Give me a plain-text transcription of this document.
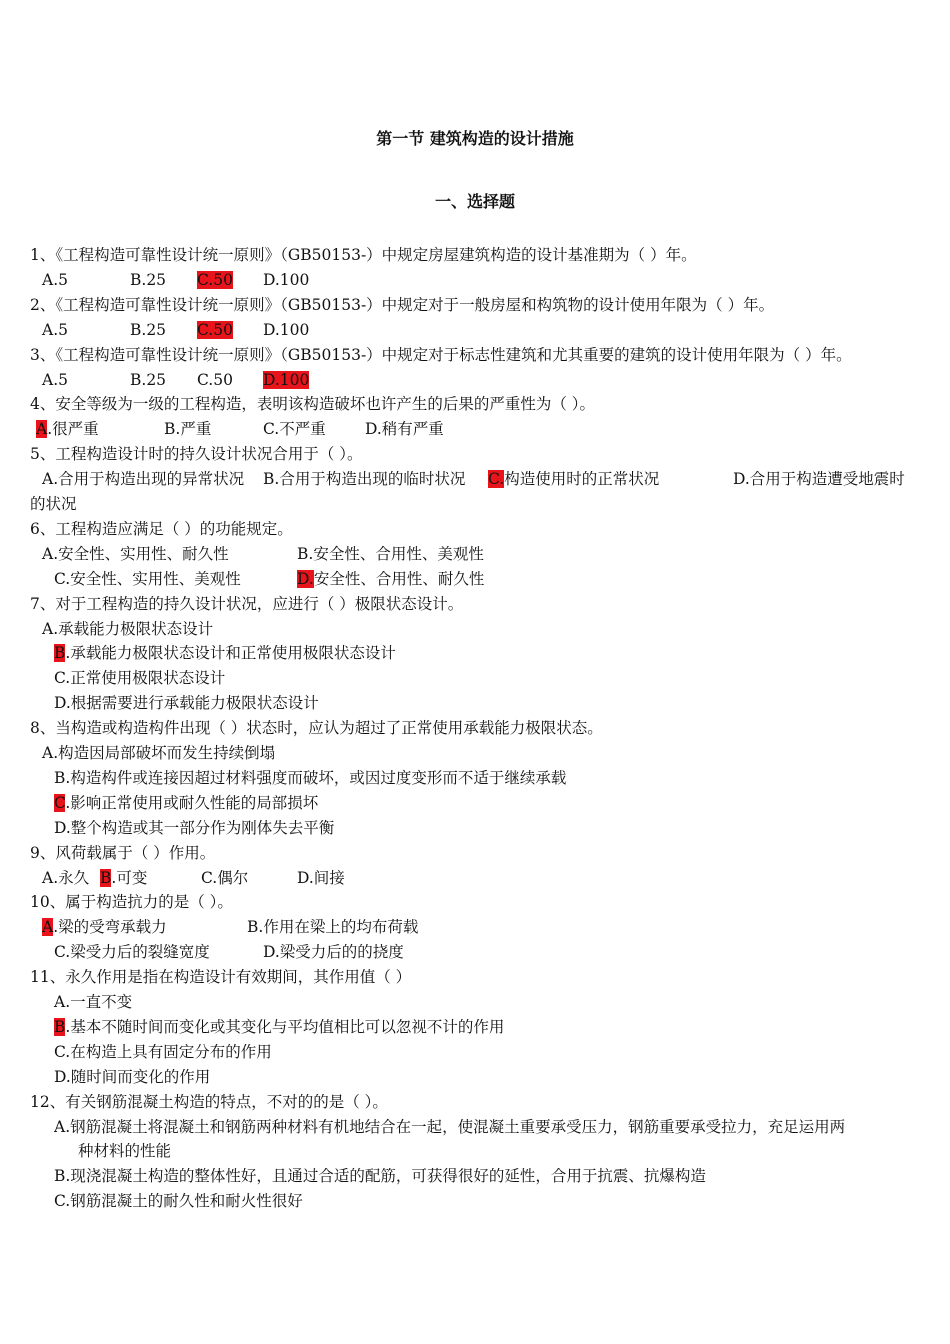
第一节 建筑构造的设计措施
一、选择题
1、《工程构造可靠性设计统一原则》（GB50153-）中规定房屋建筑构造的设计基准期为（ ）年。
A.5	B.25 C.50 D.100
2、《工程构造可靠性设计统一原则》（GB50153-）中规定对于一般房屋和构筑物的设计使用年限为（ ）年。
A.5	B.25 C.50 D.100
3、《工程构造可靠性设计统一原则》（GB50153-）中规定对于标志性建筑和尤其重要的建筑的设计使用年限为（ ）年。
A.5	B.25 C.50 D.100
4、安全等级为一级的工程构造，表明该构造破坏也许产生的后果的严重性为（ ）。
A.很严重	B.严重	C.不严重	D.稍有严重
5、工程构造设计时的持久设计状况合用于（ ）。
A.合用于构造出现的异常状况 B.合用于构造出现的临时状况 C.构造使用时的正常状况	D.合用于构造遭受地震时
的状况
6、工程构造应满足（ ）的功能规定。
A.安全性、实用性、耐久性	B.安全性、合用性、美观性
C.安全性、实用性、美观性	D.安全性、合用性、耐久性
7、对于工程构造的持久设计状况，应进行（ ）极限状态设计。
A.承载能力极限状态设计
B.承载能力极限状态设计和正常使用极限状态设计
C.正常使用极限状态设计
D.根据需要进行承载能力极限状态设计
8、当构造或构造构件出现（ ）状态时，应认为超过了正常使用承载能力极限状态。
A.构造因局部破坏而发生持续倒塌
B.构造构件或连接因超过材料强度而破坏，或因过度变形而不适于继续承载
C.影响正常使用或耐久性能的局部损坏
D.整个构造或其一部分作为刚体失去平衡
9、风荷载属于（ ）作用。
A.永久 B.可变	C.偶尔	D.间接
10、属于构造抗力的是（ ）。
A.梁的受弯承载力	B.作用在梁上的均布荷载
C.梁受力后的裂缝宽度	D.梁受力后的的挠度
11、永久作用是指在构造设计有效期间，其作用值（ ）
A.一直不变
B.基本不随时间而变化或其变化与平均值相比可以忽视不计的作用
C.在构造上具有固定分布的作用
D.随时间而变化的作用
12、有关钢筋混凝土构造的特点，不对的的是（ ）。
A.钢筋混凝土将混凝土和钢筋两种材料有机地结合在一起，使混凝土重要承受压力，钢筋重要承受拉力，充足运用两
种材料的性能
B.现浇混凝土构造的整体性好，且通过合适的配筋，可获得很好的延性，合用于抗震、抗爆构造
C.钢筋混凝土的耐久性和耐火性很好
